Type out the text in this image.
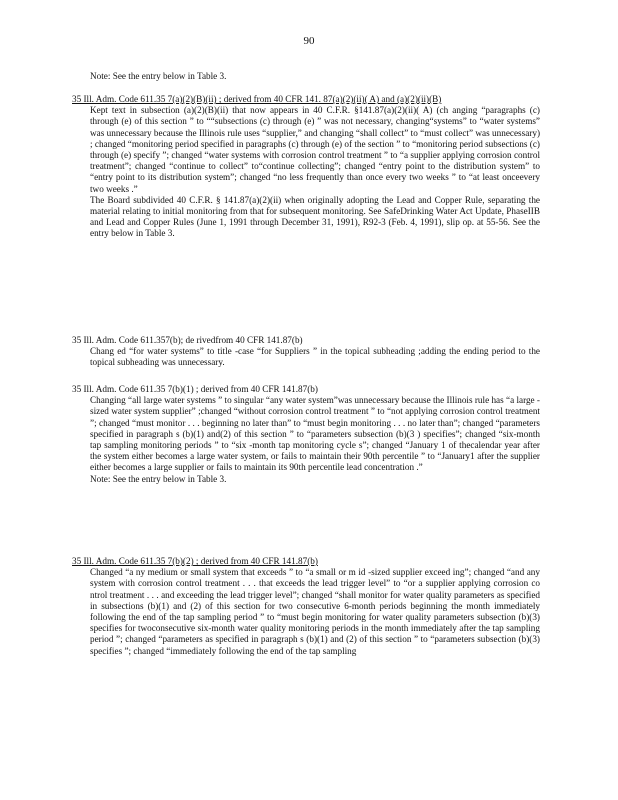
90
Note: See the entry below in Table 3.
35 Ill. Adm. Code 611.35 7(a)(2)(B)(ii) ; derived from 40 CFR 141. 87(a)(2)(ii)( A) and (a)(2)(ii)(B)

Kept text in subsection (a)(2)(B)(ii) that now appears in 40 C.F.R. §141.87(a)(2)(ii)( A) (ch anging “paragraphs (c) through (e) of this section ” to ““subsections (c) through (e) ” was not necessary, changing“systems” to “water systems” was unnecessary because the Illinois rule uses “supplier,” and changing “shall collect” to “must collect” was unnecessary) ; changed “monitoring period specified in paragraphs (c) through (e) of the section ” to “monitoring period subsections (c) through (e) specify ”; changed “water systems with corrosion control treatment ” to “a supplier applying corrosion control treatment”; changed “continue to collect” to“continue collecting”; changed “entry point to the distribution system” to “entry point to its distribution system”; changed “no less frequently than once every two weeks ” to “at least onceevery two weeks .”

The Board subdivided 40 C.F.R. § 141.87(a)(2)(ii) when originally adopting the Lead and Copper Rule, separating the material relating to initial monitoring from that for subsequent monitoring. See SafeDrinking Water Act Update, PhaseIIB and Lead and Copper Rules (June 1, 1991 through December 31, 1991), R92-3 (Feb. 4, 1991), slip op. at 55-56. See the entry below in Table 3.

35 Ill. Adm. Code 611.357(b); de rivedfrom 40 CFR 141.87(b)

Chang ed “for water systems” to title -case “for Suppliers ” in the topical subheading ;adding the ending period to the topical subheading was unnecessary.

35 Ill. Adm. Code 611.35 7(b)(1) ; derived from 40 CFR 141.87(b)

Changing “all large water systems ” to singular “any water system”was unnecessary because the Illinois rule has “a large - sized water system supplier” ;changed “without corrosion control treatment ” to “not applying corrosion control treatment ”; changed “must monitor . . . beginning no later than” to “must begin monitoring . . . no later than”; changed “parameters specified in paragraph s (b)(1) and(2) of this section ” to “parameters subsection (b)(3 ) specifies”; changed “six-month tap sampling monitoring periods ” to “six -month tap monitoring cycle s”; changed “January 1 of thecalendar year after the system either becomes a large water system, or fails to maintain their 90th percentile ” to “January1 after the supplier either becomes a large supplier or fails to maintain its 90th percentile lead concentration .”

Note: See the entry below in Table 3.

35 Ill. Adm. Code 611.35 7(b)(2) ; derived from 40 CFR 141.87(b)

Changed “a ny medium or small system that exceeds ” to “a small or m id -sized supplier exceed ing”; changed “and any system with corrosion control treatment . . . that exceeds the lead trigger level” to “or a supplier applying corrosion co ntrol treatment . . . and exceeding the lead trigger level”; changed “shall monitor for water quality parameters as specified in subsections (b)(1) and (2) of this section for two consecutive 6-month periods beginning the month immediately following the end of the tap sampling period ” to “must begin monitoring for water quality parameters subsection (b)(3) specifies for twoconsecutive six-month water quality monitoring periods in the month immediately after the tap sampling period ”; changed “parameters as specified in paragraph s (b)(1) and (2) of this section ” to “parameters subsection (b)(3) specifies ”; changed “immediately following the end of the tap sampling
